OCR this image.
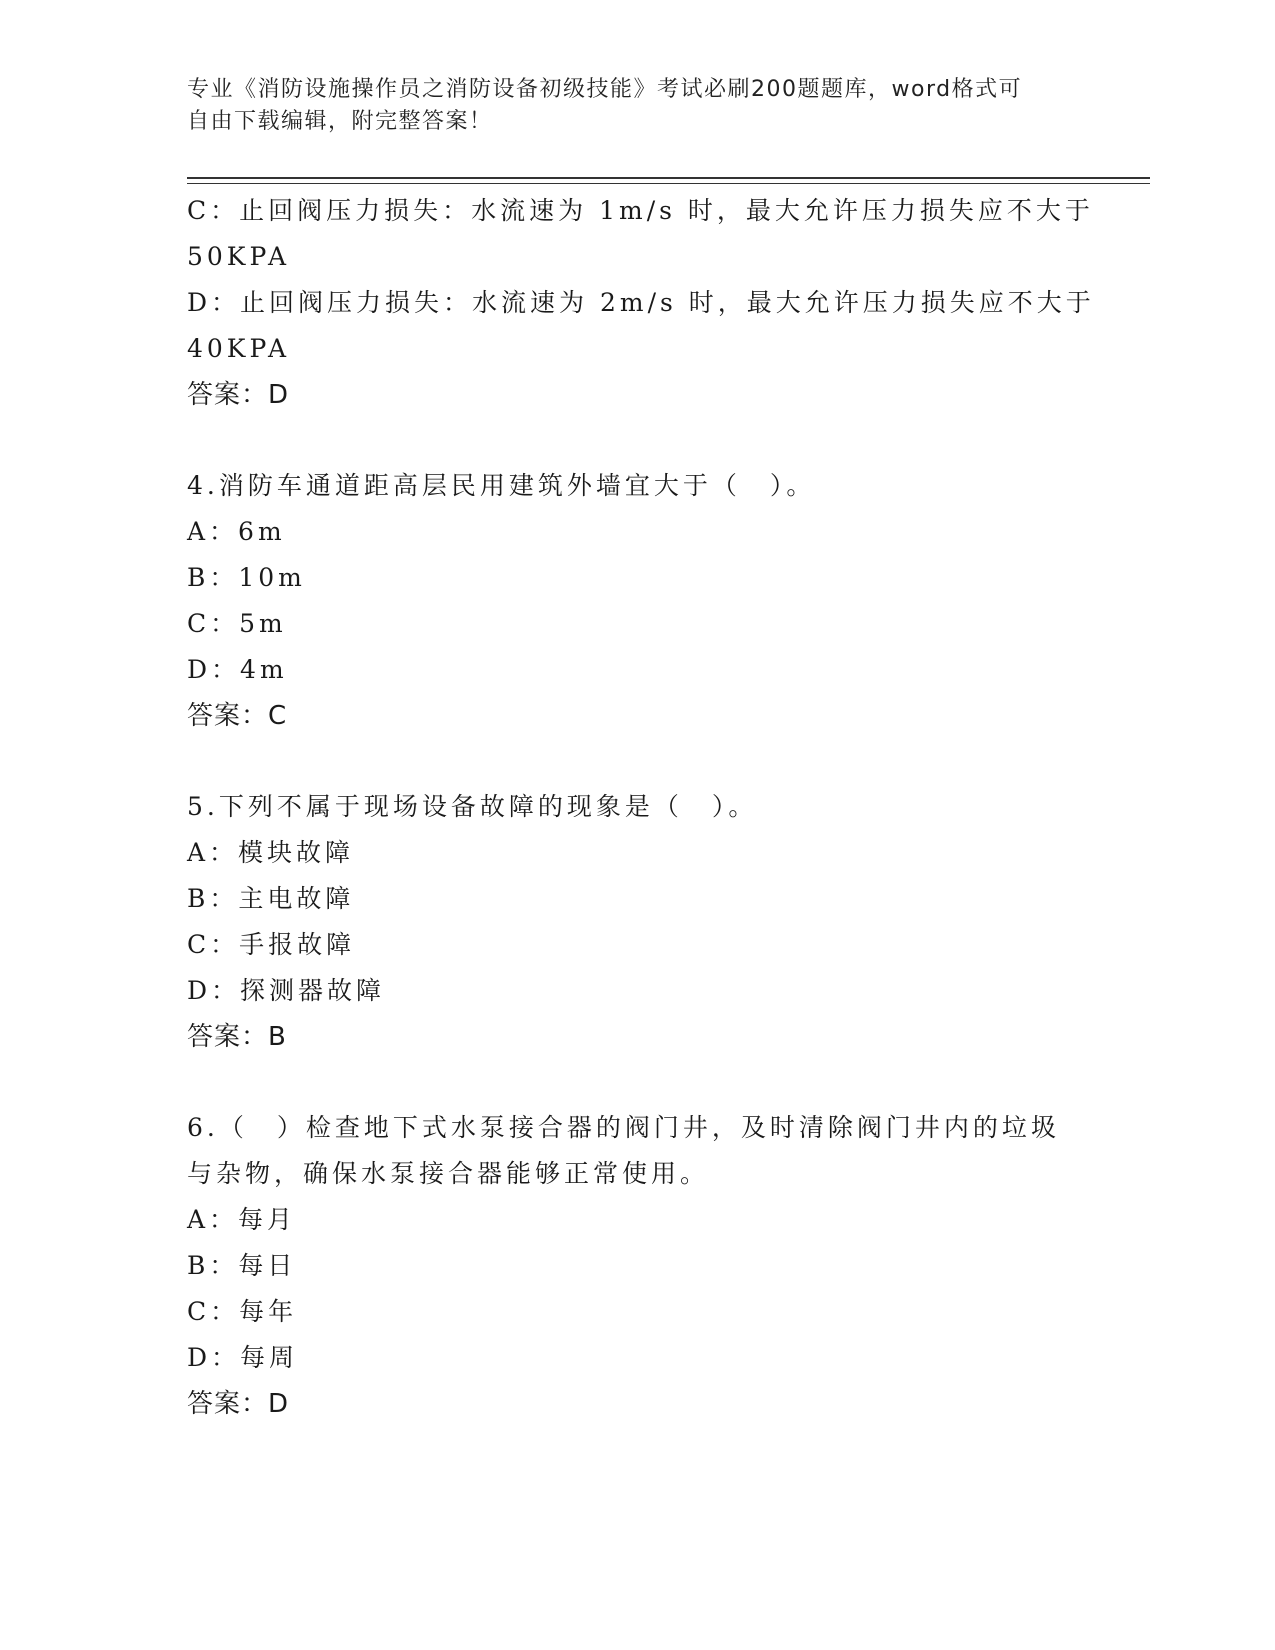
专业《消防设施操作员之消防设备初级技能》考试必刷200题题库，word格式可
自由下载编辑，附完整答案！
C：止回阀压力损失：水流速为 1m/s 时，最大允许压力损失应不大于
50KPA
D：止回阀压力损失：水流速为 2m/s 时，最大允许压力损失应不大于
40KPA
答案：D
4.消防车通道距高层民用建筑外墙宜大于（　）。
A：6m
B：10m
C：5m
D：4m
答案：C
5.下列不属于现场设备故障的现象是（　）。
A：模块故障
B：主电故障
C：手报故障
D：探测器故障
答案：B
6.（　）检查地下式水泵接合器的阀门井，及时清除阀门井内的垃圾
与杂物，确保水泵接合器能够正常使用。
A：每月
B：每日
C：每年
D：每周
答案：D
